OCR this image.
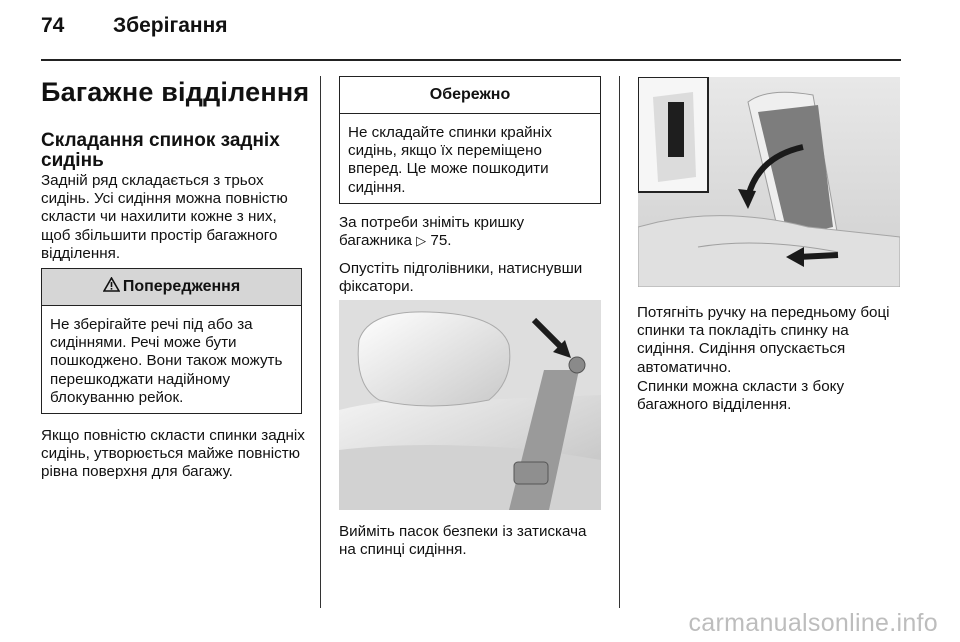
74 Зберігання
Багажне відділення
Складання спинок задніх сидінь
Задній ряд складається з трьох сидінь. Усі сидіння можна повністю скласти чи нахилити кожне з них, щоб збільшити простір багажного відділення.
Попередження
Не зберігайте речі під або за сидіннями. Речі може бути пошкоджено. Вони також можуть перешкоджати надійному блокуванню рейок.
Якщо повністю скласти спинки задніх сидінь, утворюється майже повністю рівна поверхня для багажу.
Обережно
Не складайте спинки крайніх сидінь, якщо їх переміщено вперед. Це може пошкодити сидіння.
За потреби зніміть кришку багажника ▷ 75.
Опустіть підголівники, натиснувши фіксатори.
Вийміть пасок безпеки із затискача на спинці сидіння.
Потягніть ручку на передньому боці спинки та покладіть спинку на сидіння. Сидіння опускається автоматично.
Спинки можна скласти з боку багажного відділення.
carmanualsonline.info
